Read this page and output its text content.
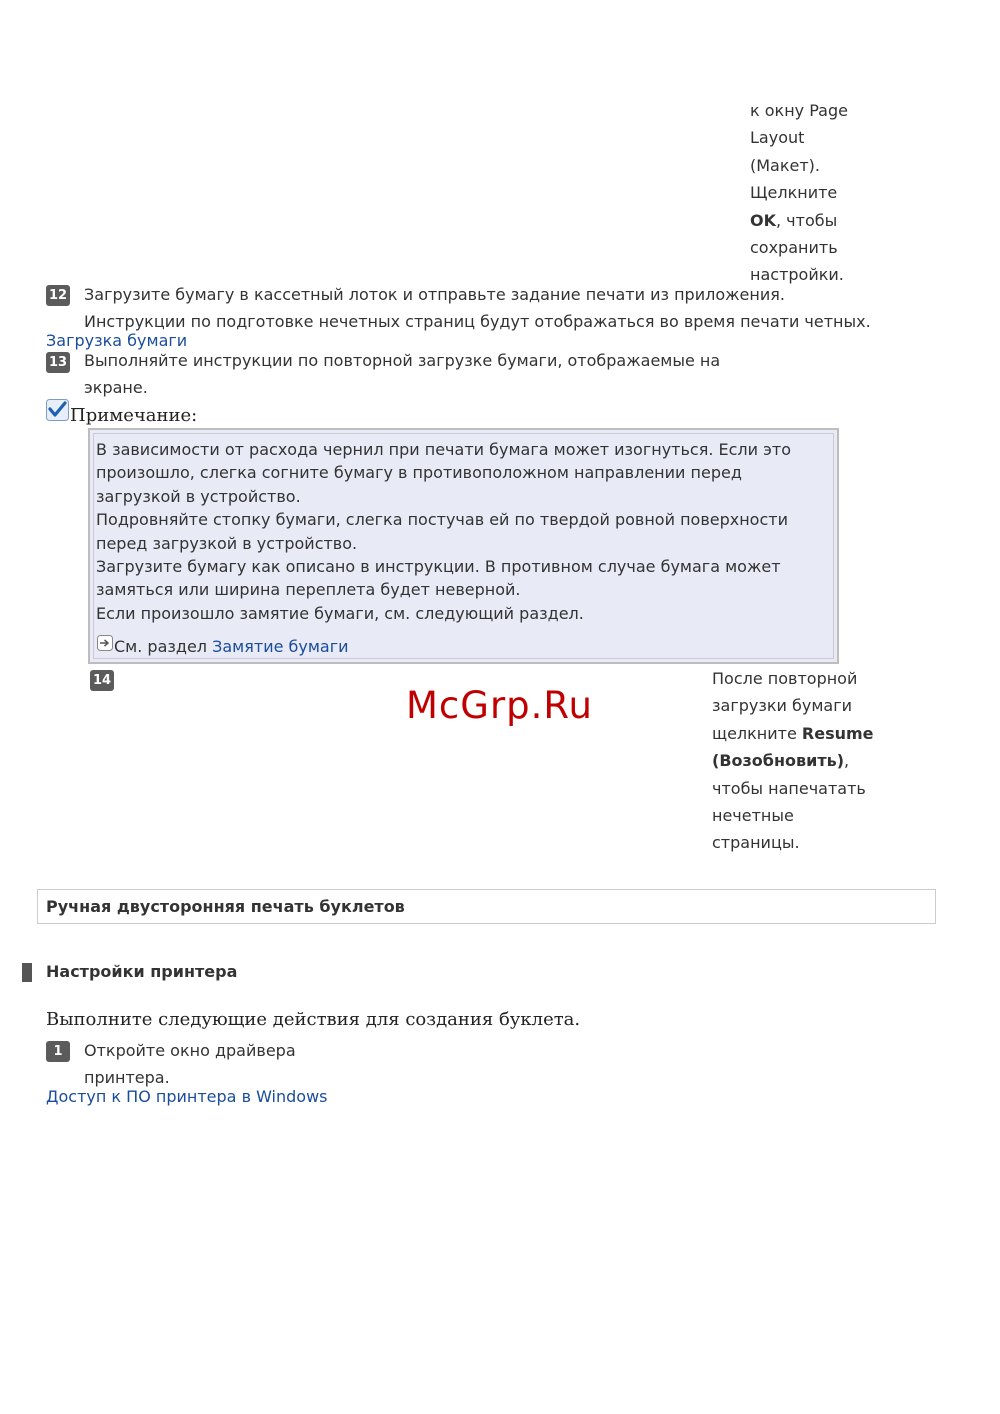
к окну Page
Layout
(Макет).
Щелкните
OK, чтобы
сохранить
настройки.
12 Загрузите бумагу в кассетный лоток и отправьте задание печати из приложения.
Инструкции по подготовке нечетных страниц будут отображаться во время печати четных.
Загрузка бумаги
13 Выполняйте инструкции по повторной загрузке бумаги, отображаемые на
экране.
Примечание:
В зависимости от расхода чернил при печати бумага может изогнуться. Если это
произошло, слегка согните бумагу в противоположном направлении перед
загрузкой в устройство.
Подровняйте стопку бумаги, слегка постучав ей по твердой ровной поверхности
перед загрузкой в устройство.
Загрузите бумагу как описано в инструкции. В противном случае бумага может
замяться или ширина переплета будет неверной.
Если произошло замятие бумаги, см. следующий раздел.
См. раздел Замятие бумаги
14	После повторной
загрузки бумаги
щелкните Resume
(Возобновить),
чтобы напечатать
нечетные
страницы.
McGrp.Ru
Ручная двусторонняя печать буклетов
Настройки принтера
Выполните следующие действия для создания буклета.
1	Откройте окно драйвера
принтера.
Доступ к ПО принтера в Windows
